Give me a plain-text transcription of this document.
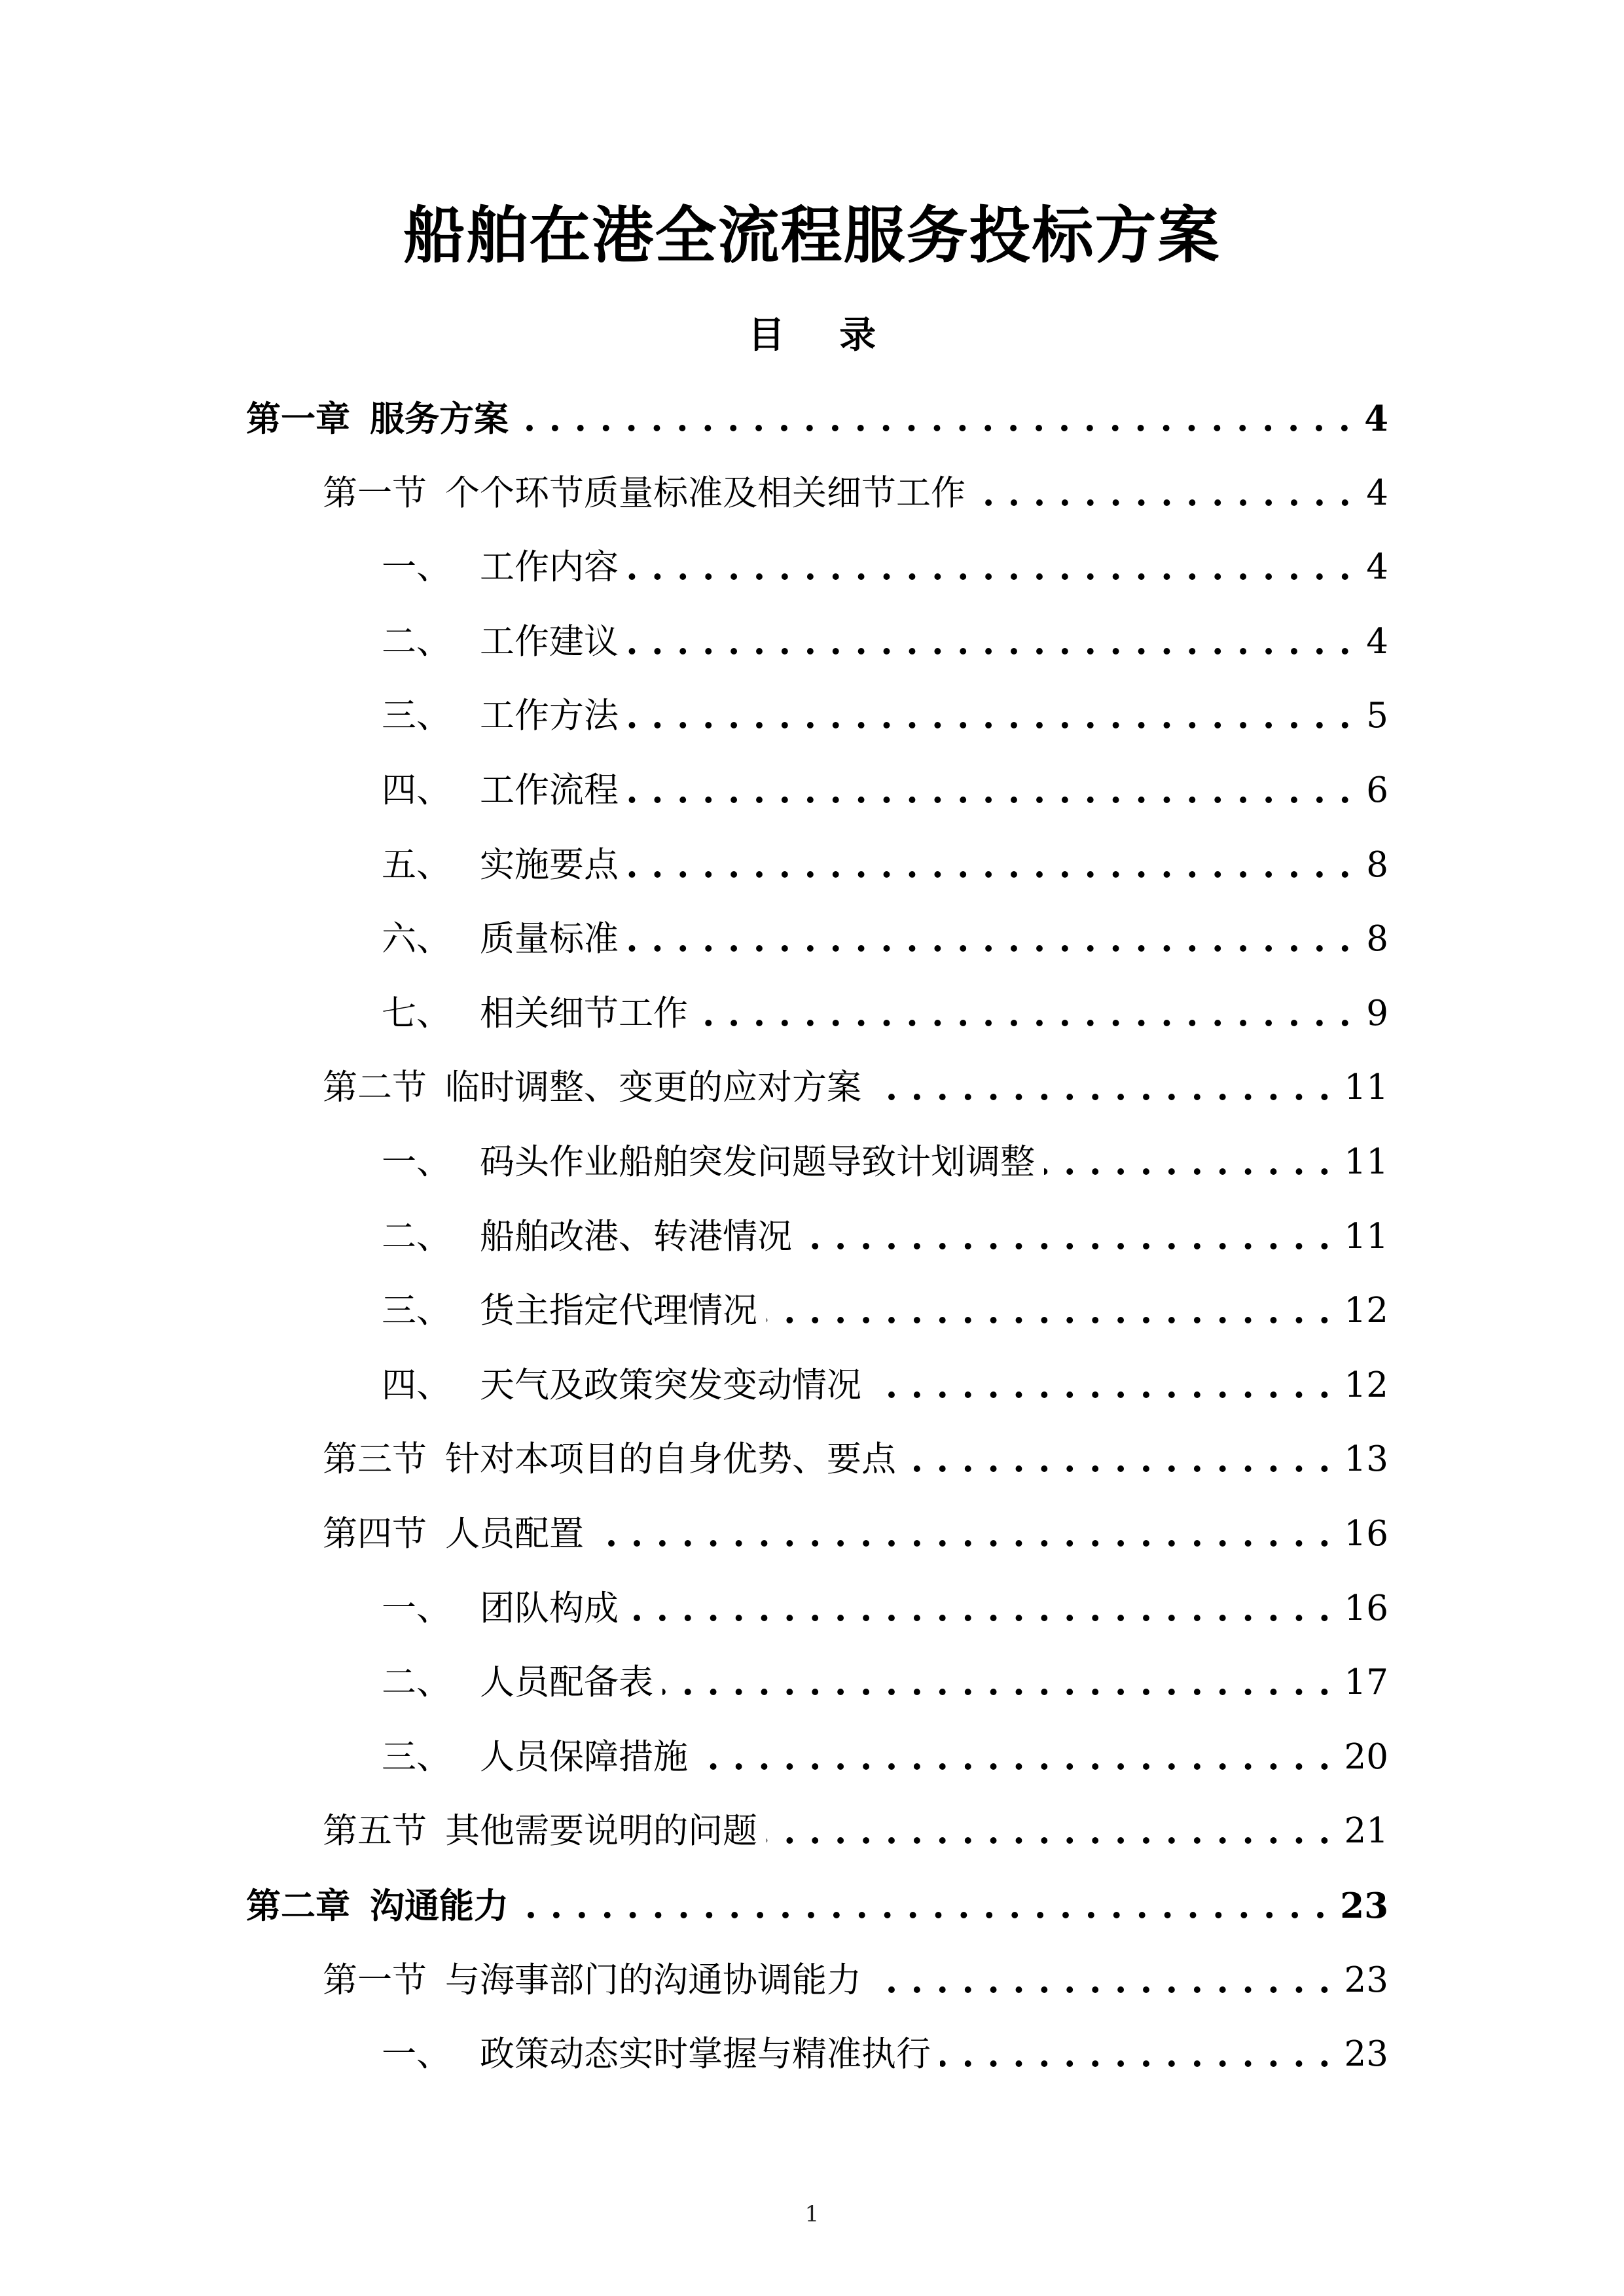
船舶在港全流程服务投标方案
目 录
第一章 服务方案 . . .	4
第一节 个个环节质量标准及相关细节工作 . . .	4
一、 工作内容 . . .	4
二、 工作建议 . . .	4
三、 工作方法 . . .	5
四、 工作流程 . . .	6
五、 实施要点 . . .	8
六、 质量标准 . . .	8
七、 相关细节工作 . . .	9
第二节 临时调整、变更的应对方案 . . .	11
一、 码头作业船舶突发问题导致计划调整 . . .	11
二、 船舶改港、转港情况 . . .	11
三、 货主指定代理情况 . . .	12
四、 天气及政策突发变动情况 . . .	12
第三节 针对本项目的自身优势、要点 . . .	13
第四节 人员配置 . . .	16
一、 团队构成 . . .	16
二、 人员配备表 . . .	17
三、 人员保障措施 . . .	20
第五节 其他需要说明的问题 . . .	21
第二章 沟通能力 . . .	23
第一节 与海事部门的沟通协调能力 . . .	23
一、 政策动态实时掌握与精准执行 . . .	23
1
